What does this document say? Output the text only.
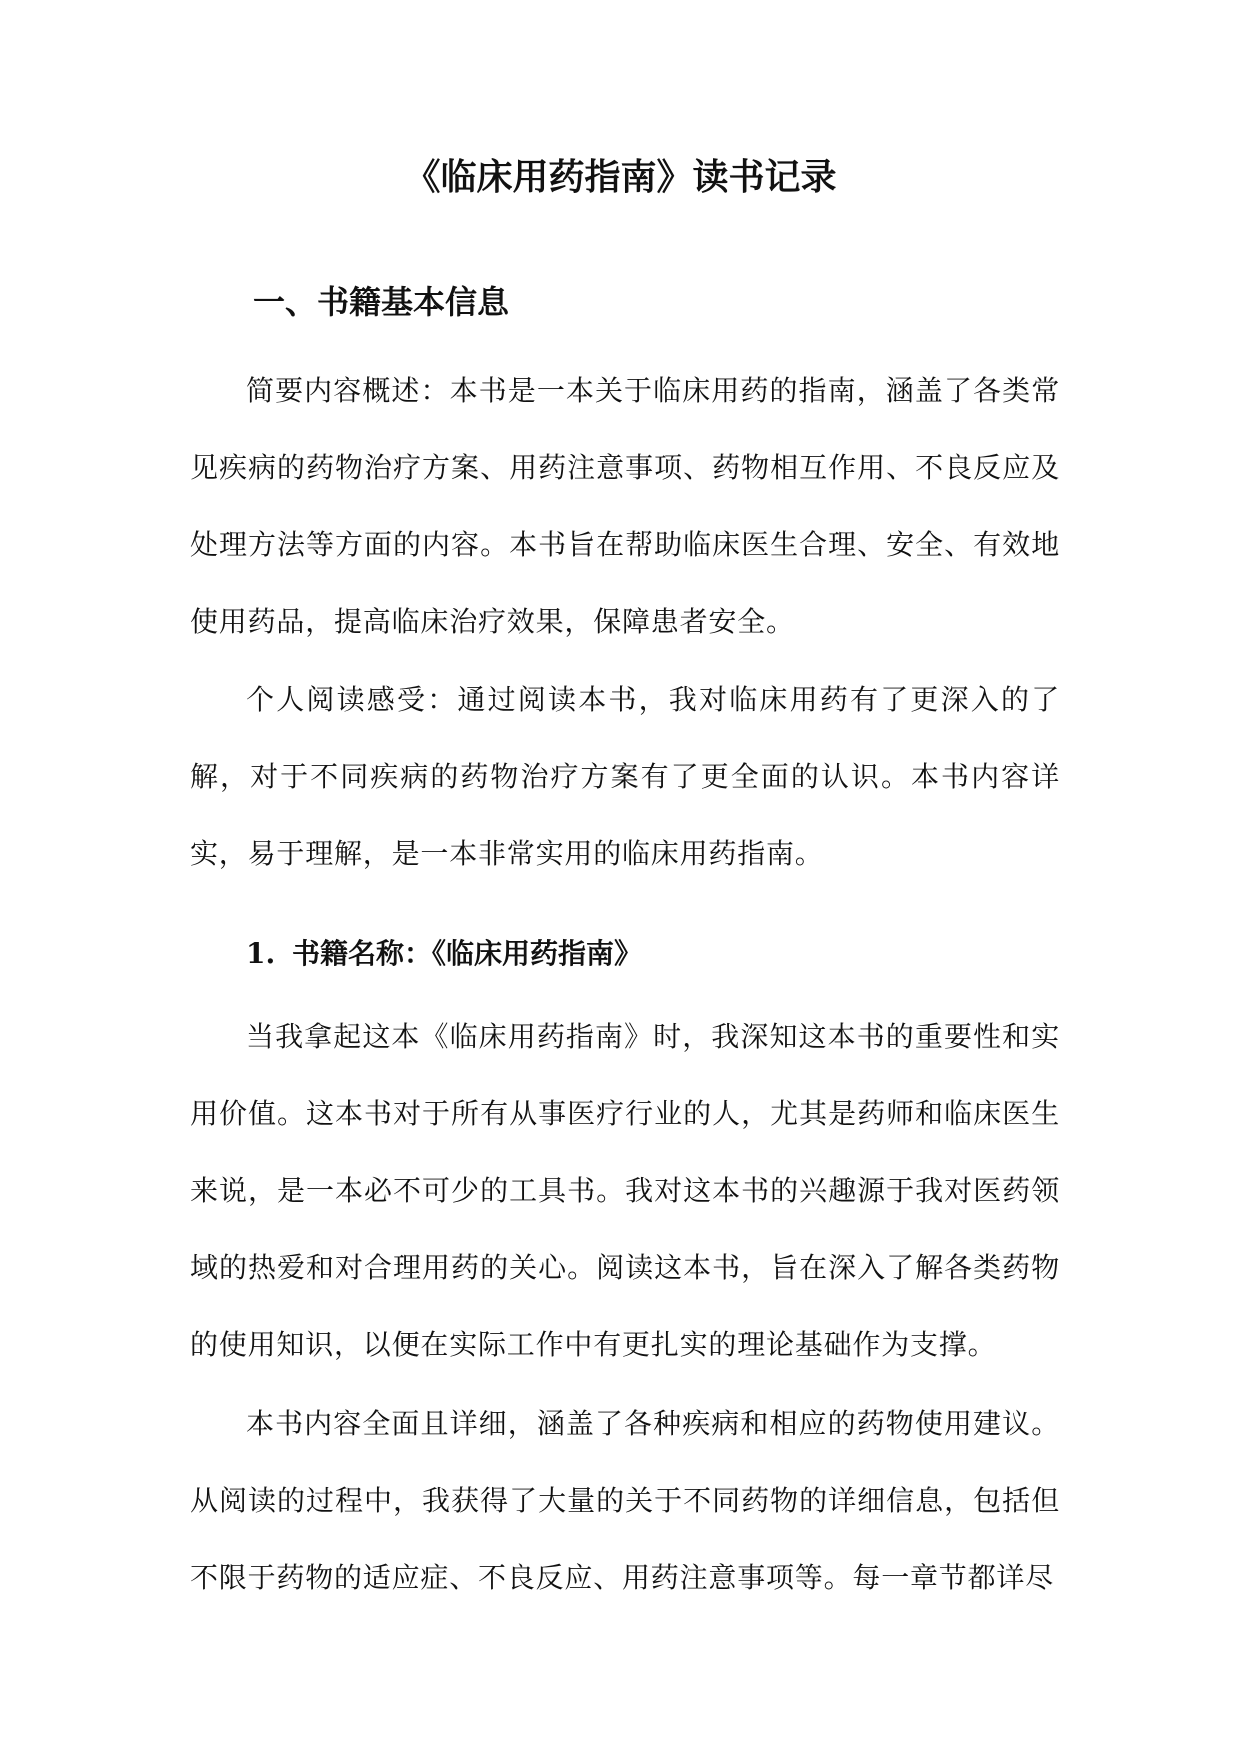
《临床用药指南》读书记录
一、书籍基本信息

简要内容概述：本书是一本关于临床用药的指南，涵盖了各类常见疾病的药物治疗方案、用药注意事项、药物相互作用、不良反应及处理方法等方面的内容。本书旨在帮助临床医生合理、安全、有效地使用药品，提高临床治疗效果，保障患者安全。

个人阅读感受：通过阅读本书，我对临床用药有了更深入的了解，对于不同疾病的药物治疗方案有了更全面的认识。本书内容详实，易于理解，是一本非常实用的临床用药指南。

1. 书籍名称：《临床用药指南》

当我拿起这本《临床用药指南》时，我深知这本书的重要性和实用价值。这本书对于所有从事医疗行业的人，尤其是药师和临床医生来说，是一本必不可少的工具书。我对这本书的兴趣源于我对医药领域的热爱和对合理用药的关心。阅读这本书，旨在深入了解各类药物的使用知识，以便在实际工作中有更扎实的理论基础作为支撑。

本书内容全面且详细，涵盖了各种疾病和相应的药物使用建议。从阅读的过程中，我获得了大量的关于不同药物的详细信息，包括但不限于药物的适应症、不良反应、用药注意事项等。每一章节都详尽
